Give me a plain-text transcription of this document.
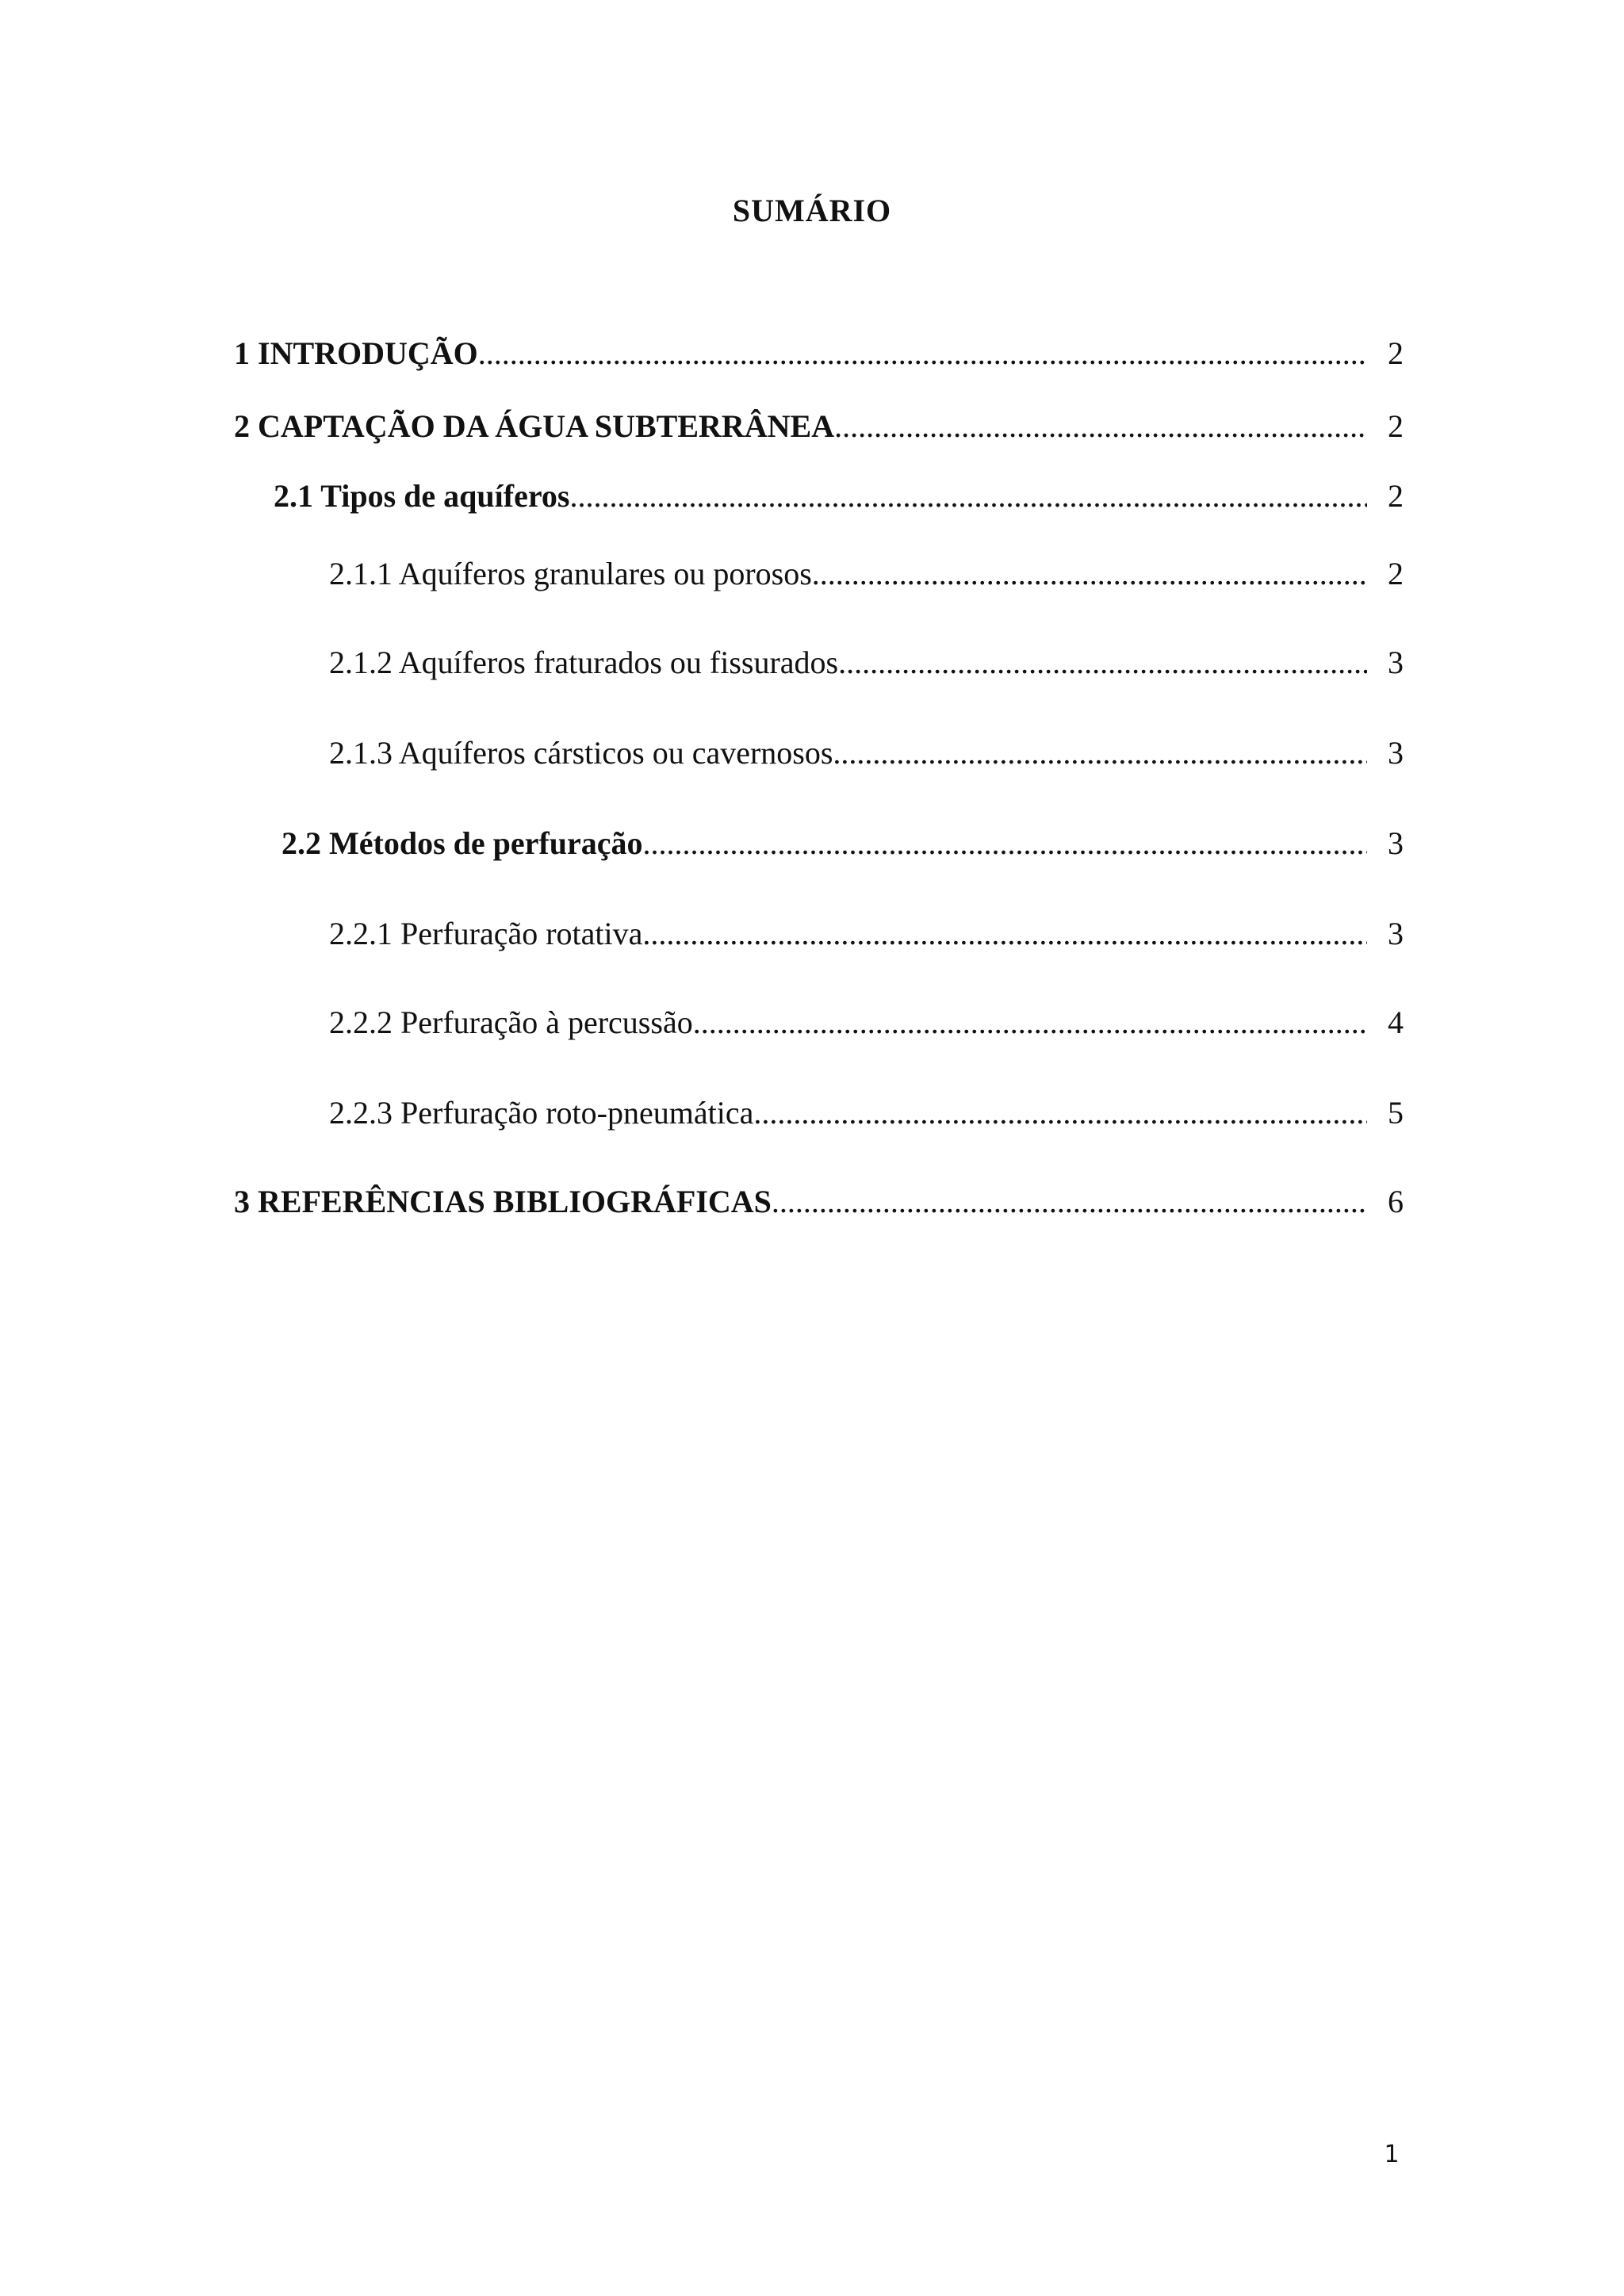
SUMÁRIO
1 INTRODUÇÃO .....	2
2 CAPTAÇÃO DA ÁGUA SUBTERRÂNEA .....	2
2.1 Tipos de aquíferos .....	2
2.1.1 Aquíferos granulares ou porosos .....	2
2.1.2 Aquíferos fraturados ou fissurados .....	3
2.1.3 Aquíferos cársticos ou cavernosos .....	3
2.2 Métodos de perfuração .....	3
2.2.1 Perfuração rotativa .....	3
2.2.2 Perfuração à percussão .....	4
2.2.3 Perfuração roto-pneumática .....	5
3 REFERÊNCIAS BIBLIOGRÁFICAS .....	6
1
